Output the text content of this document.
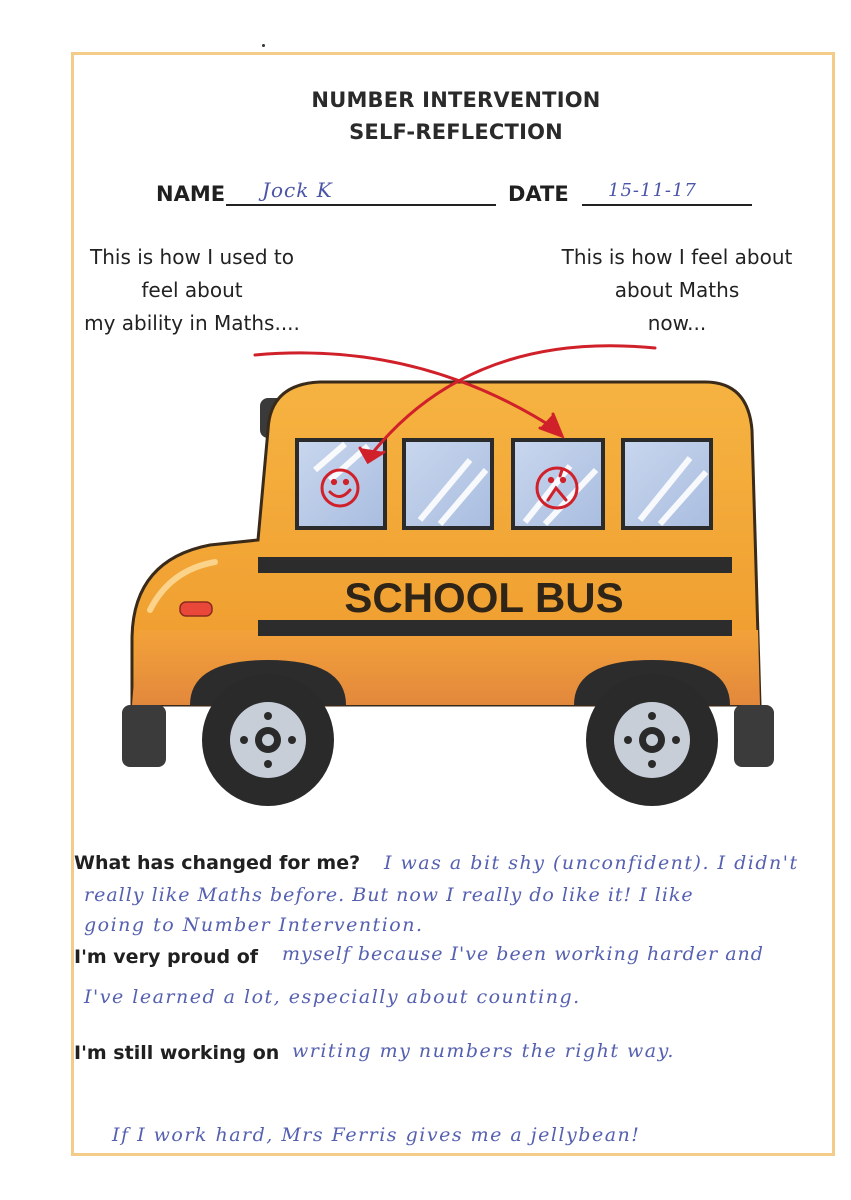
NUMBER INTERVENTION
SELF-REFLECTION
NAME Jock K	DATE 15-11-17
This is how I used to
feel about
my ability in Maths....
This is how I feel about
about Maths
now...
SCHOOL BUS
What has changed for me? I was a bit shy (unconfident). I didn't
really like Maths before. But now I really do like it! I like
going to Number Intervention.
I'm very proud of myself because I've been working harder and
I've learned a lot, especially about counting.
I'm still working on writing my numbers the right way.
If I work hard, Mrs Ferris gives me a jellybean!
